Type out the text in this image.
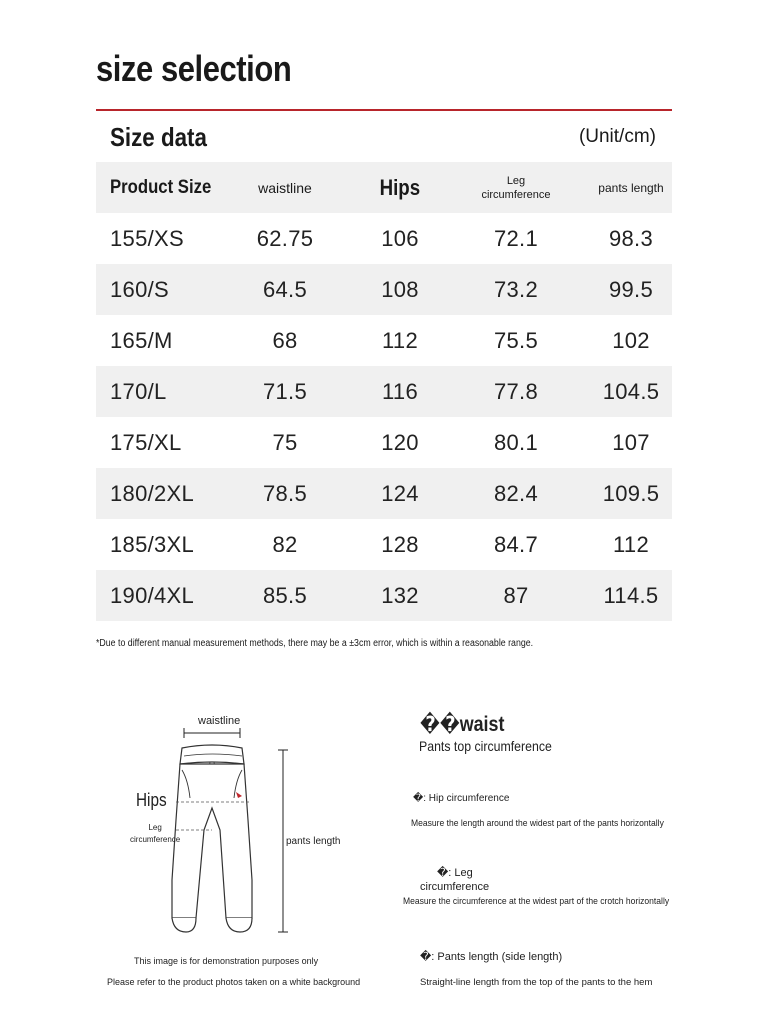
size selection
Size data	(Unit/cm)
Product Size	waistline	Hips	Leg circumference	pants length
155/XS	62.75	106	72.1	98.3
160/S	64.5	108	73.2	99.5
165/M	68	112	75.5	102
170/L	71.5	116	77.8	104.5
175/XL	75	120	80.1	107
180/2XL	78.5	124	82.4	109.5
185/3XL	82	128	84.7	112
190/4XL	85.5	132	87	114.5
*Due to different manual measurement methods, there may be a ±3cm error, which is within a reasonable range.
waistline
Hips
Leg
circumference	pants length
This image is for demonstration purposes only
Please refer to the product photos taken on a white background
��waist
Pants top circumference
�: Hip circumference
Measure the length around the widest part of the pants horizontally
�: Leg
circumference
Measure the circumference at the widest part of the crotch horizontally
�: Pants length (side length)
Straight-line length from the top of the pants to the hem
